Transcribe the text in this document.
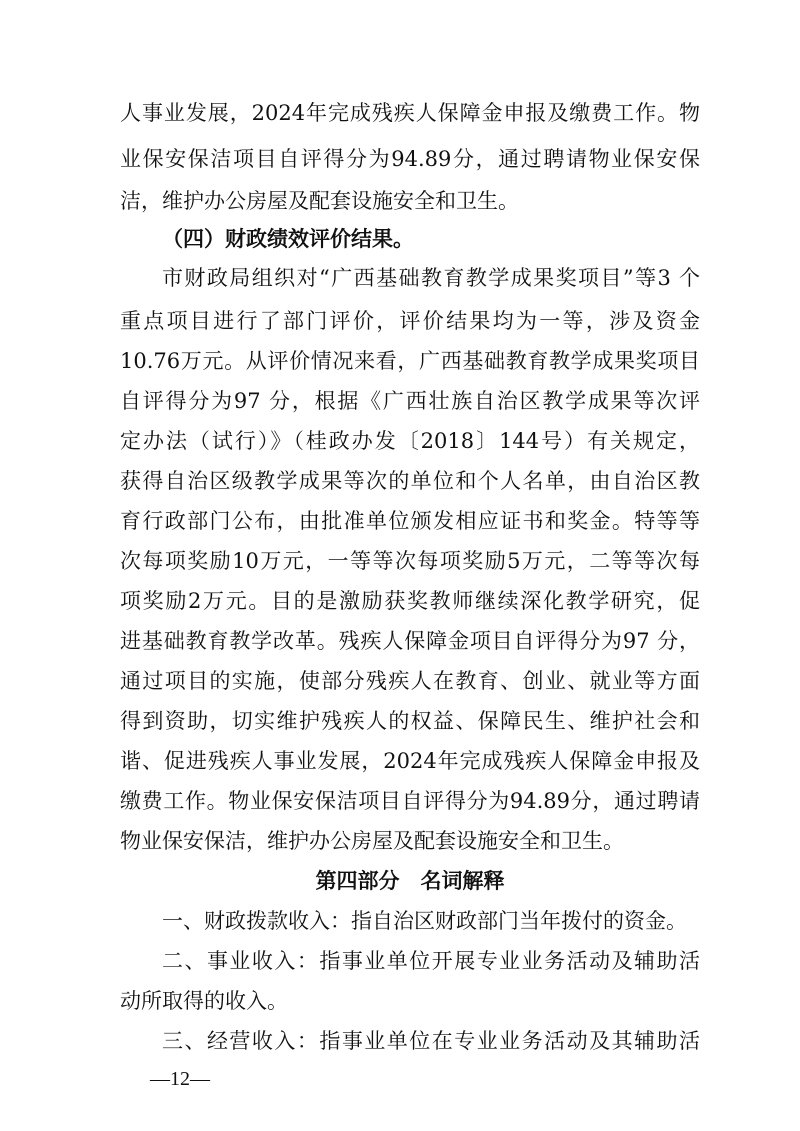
人事业发展，2024年完成残疾人保障金申报及缴费工作。物
业保安保洁项目自评得分为94.89分，通过聘请物业保安保
洁，维护办公房屋及配套设施安全和卫生。
（四）财政绩效评价结果。
市财政局组织对“广西基础教育教学成果奖项目”等3 个
重点项目进行了部门评价，评价结果均为一等，涉及资金
10.76万元。从评价情况来看，广西基础教育教学成果奖项目
自评得分为97 分，根据《广西壮族自治区教学成果等次评
定办法（试行）》（桂政办发〔2018〕144号）有关规定，
获得自治区级教学成果等次的单位和个人名单，由自治区教
育行政部门公布，由批准单位颁发相应证书和奖金。特等等
次每项奖励10万元，一等等次每项奖励5万元，二等等次每
项奖励2万元。目的是激励获奖教师继续深化教学研究，促
进基础教育教学改革。残疾人保障金项目自评得分为97 分，
通过项目的实施，使部分残疾人在教育、创业、就业等方面
得到资助，切实维护残疾人的权益、保障民生、维护社会和
谐、促进残疾人事业发展，2024年完成残疾人保障金申报及
缴费工作。物业保安保洁项目自评得分为94.89分，通过聘请
物业保安保洁，维护办公房屋及配套设施安全和卫生。
第四部分　名词解释
一、财政拨款收入：指自治区财政部门当年拨付的资金。
二、事业收入：指事业单位开展专业业务活动及辅助活
动所取得的收入。
三、经营收入：指事业单位在专业业务活动及其辅助活
—12—
